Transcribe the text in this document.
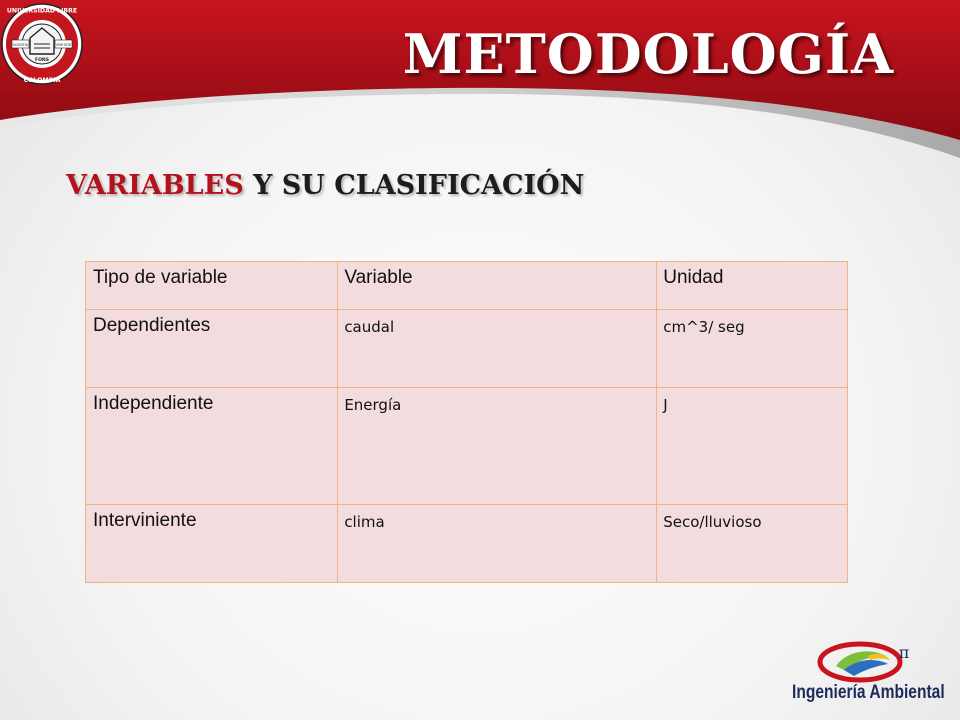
UNIVERSIDAD LIBRE
COLOMBIA
SCIENTIA	VERITATE
FONS	METODOLOGÍA
VARIABLES Y SU CLASIFICACIÓN
Tipo de variable	Variable	Unidad
Dependientes	caudal	cm^3/ seg
Independiente	Energía	J
Interviniente	clima	Seco/lluvioso
π
Ingeniería Ambiental
